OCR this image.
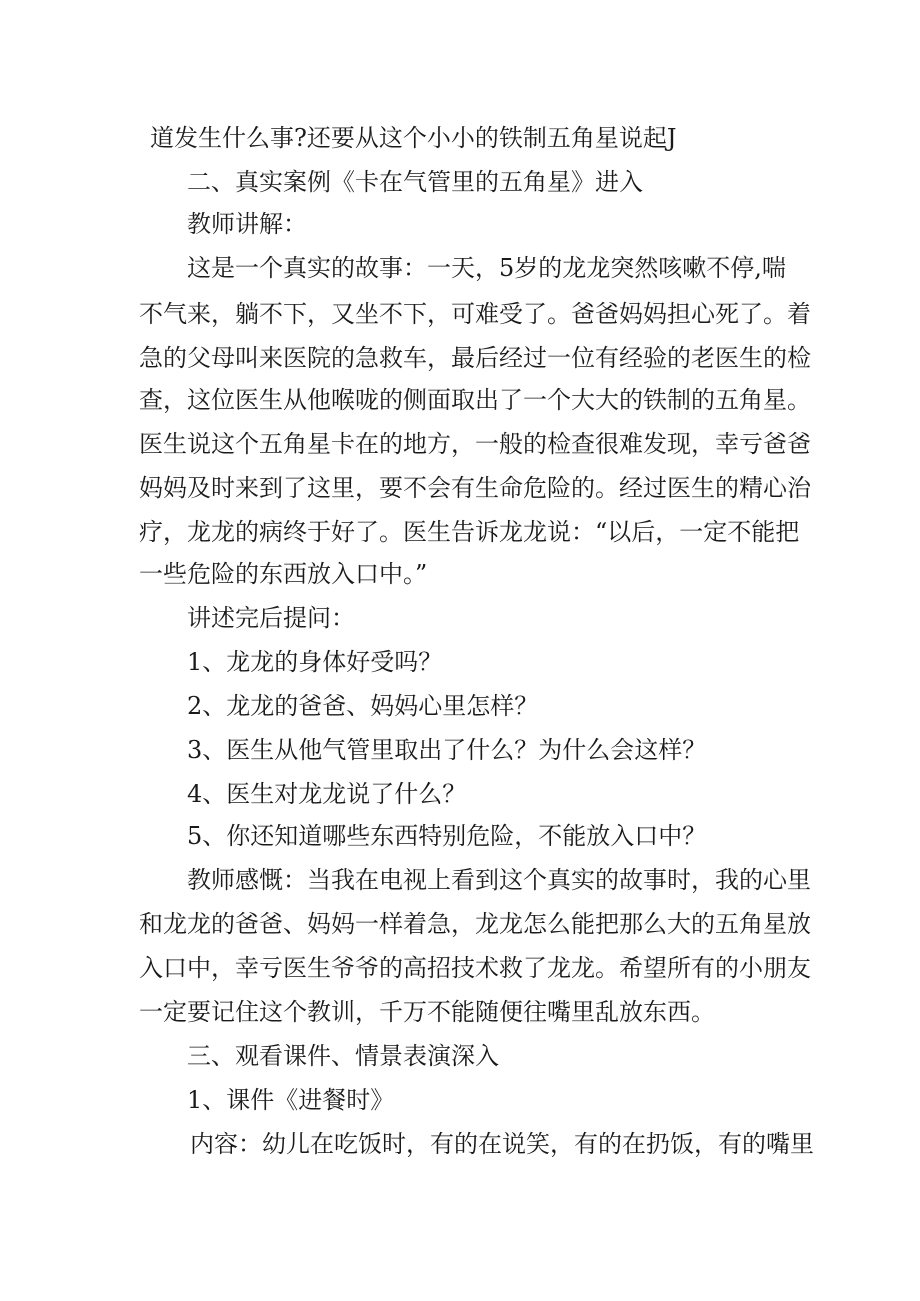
道发生什么事?还要从这个小小的铁制五角星说起J
二、真实案例《卡在气管里的五角星》进入
教师讲解：
这是一个真实的故事：一天，5岁的龙龙突然咳嗽不停,喘
不气来，躺不下，又坐不下，可难受了。爸爸妈妈担心死了。着
急的父母叫来医院的急救车，最后经过一位有经验的老医生的检
查，这位医生从他喉咙的侧面取出了一个大大的铁制的五角星。
医生说这个五角星卡在的地方，一般的检查很难发现，幸亏爸爸
妈妈及时来到了这里，要不会有生命危险的。经过医生的精心治
疗，龙龙的病终于好了。医生告诉龙龙说：“以后，一定不能把
一些危险的东西放入口中。”
讲述完后提问：
1、龙龙的身体好受吗？
2、龙龙的爸爸、妈妈心里怎样？
3、医生从他气管里取出了什么？为什么会这样？
4、医生对龙龙说了什么？
5、你还知道哪些东西特别危险，不能放入口中？
教师感慨：当我在电视上看到这个真实的故事时，我的心里
和龙龙的爸爸、妈妈一样着急，龙龙怎么能把那么大的五角星放
入口中，幸亏医生爷爷的高招技术救了龙龙。希望所有的小朋友
一定要记住这个教训，千万不能随便往嘴里乱放东西。
三、观看课件、情景表演深入
1、课件《进餐时》
内容：幼儿在吃饭时，有的在说笑，有的在扔饭，有的嘴里
